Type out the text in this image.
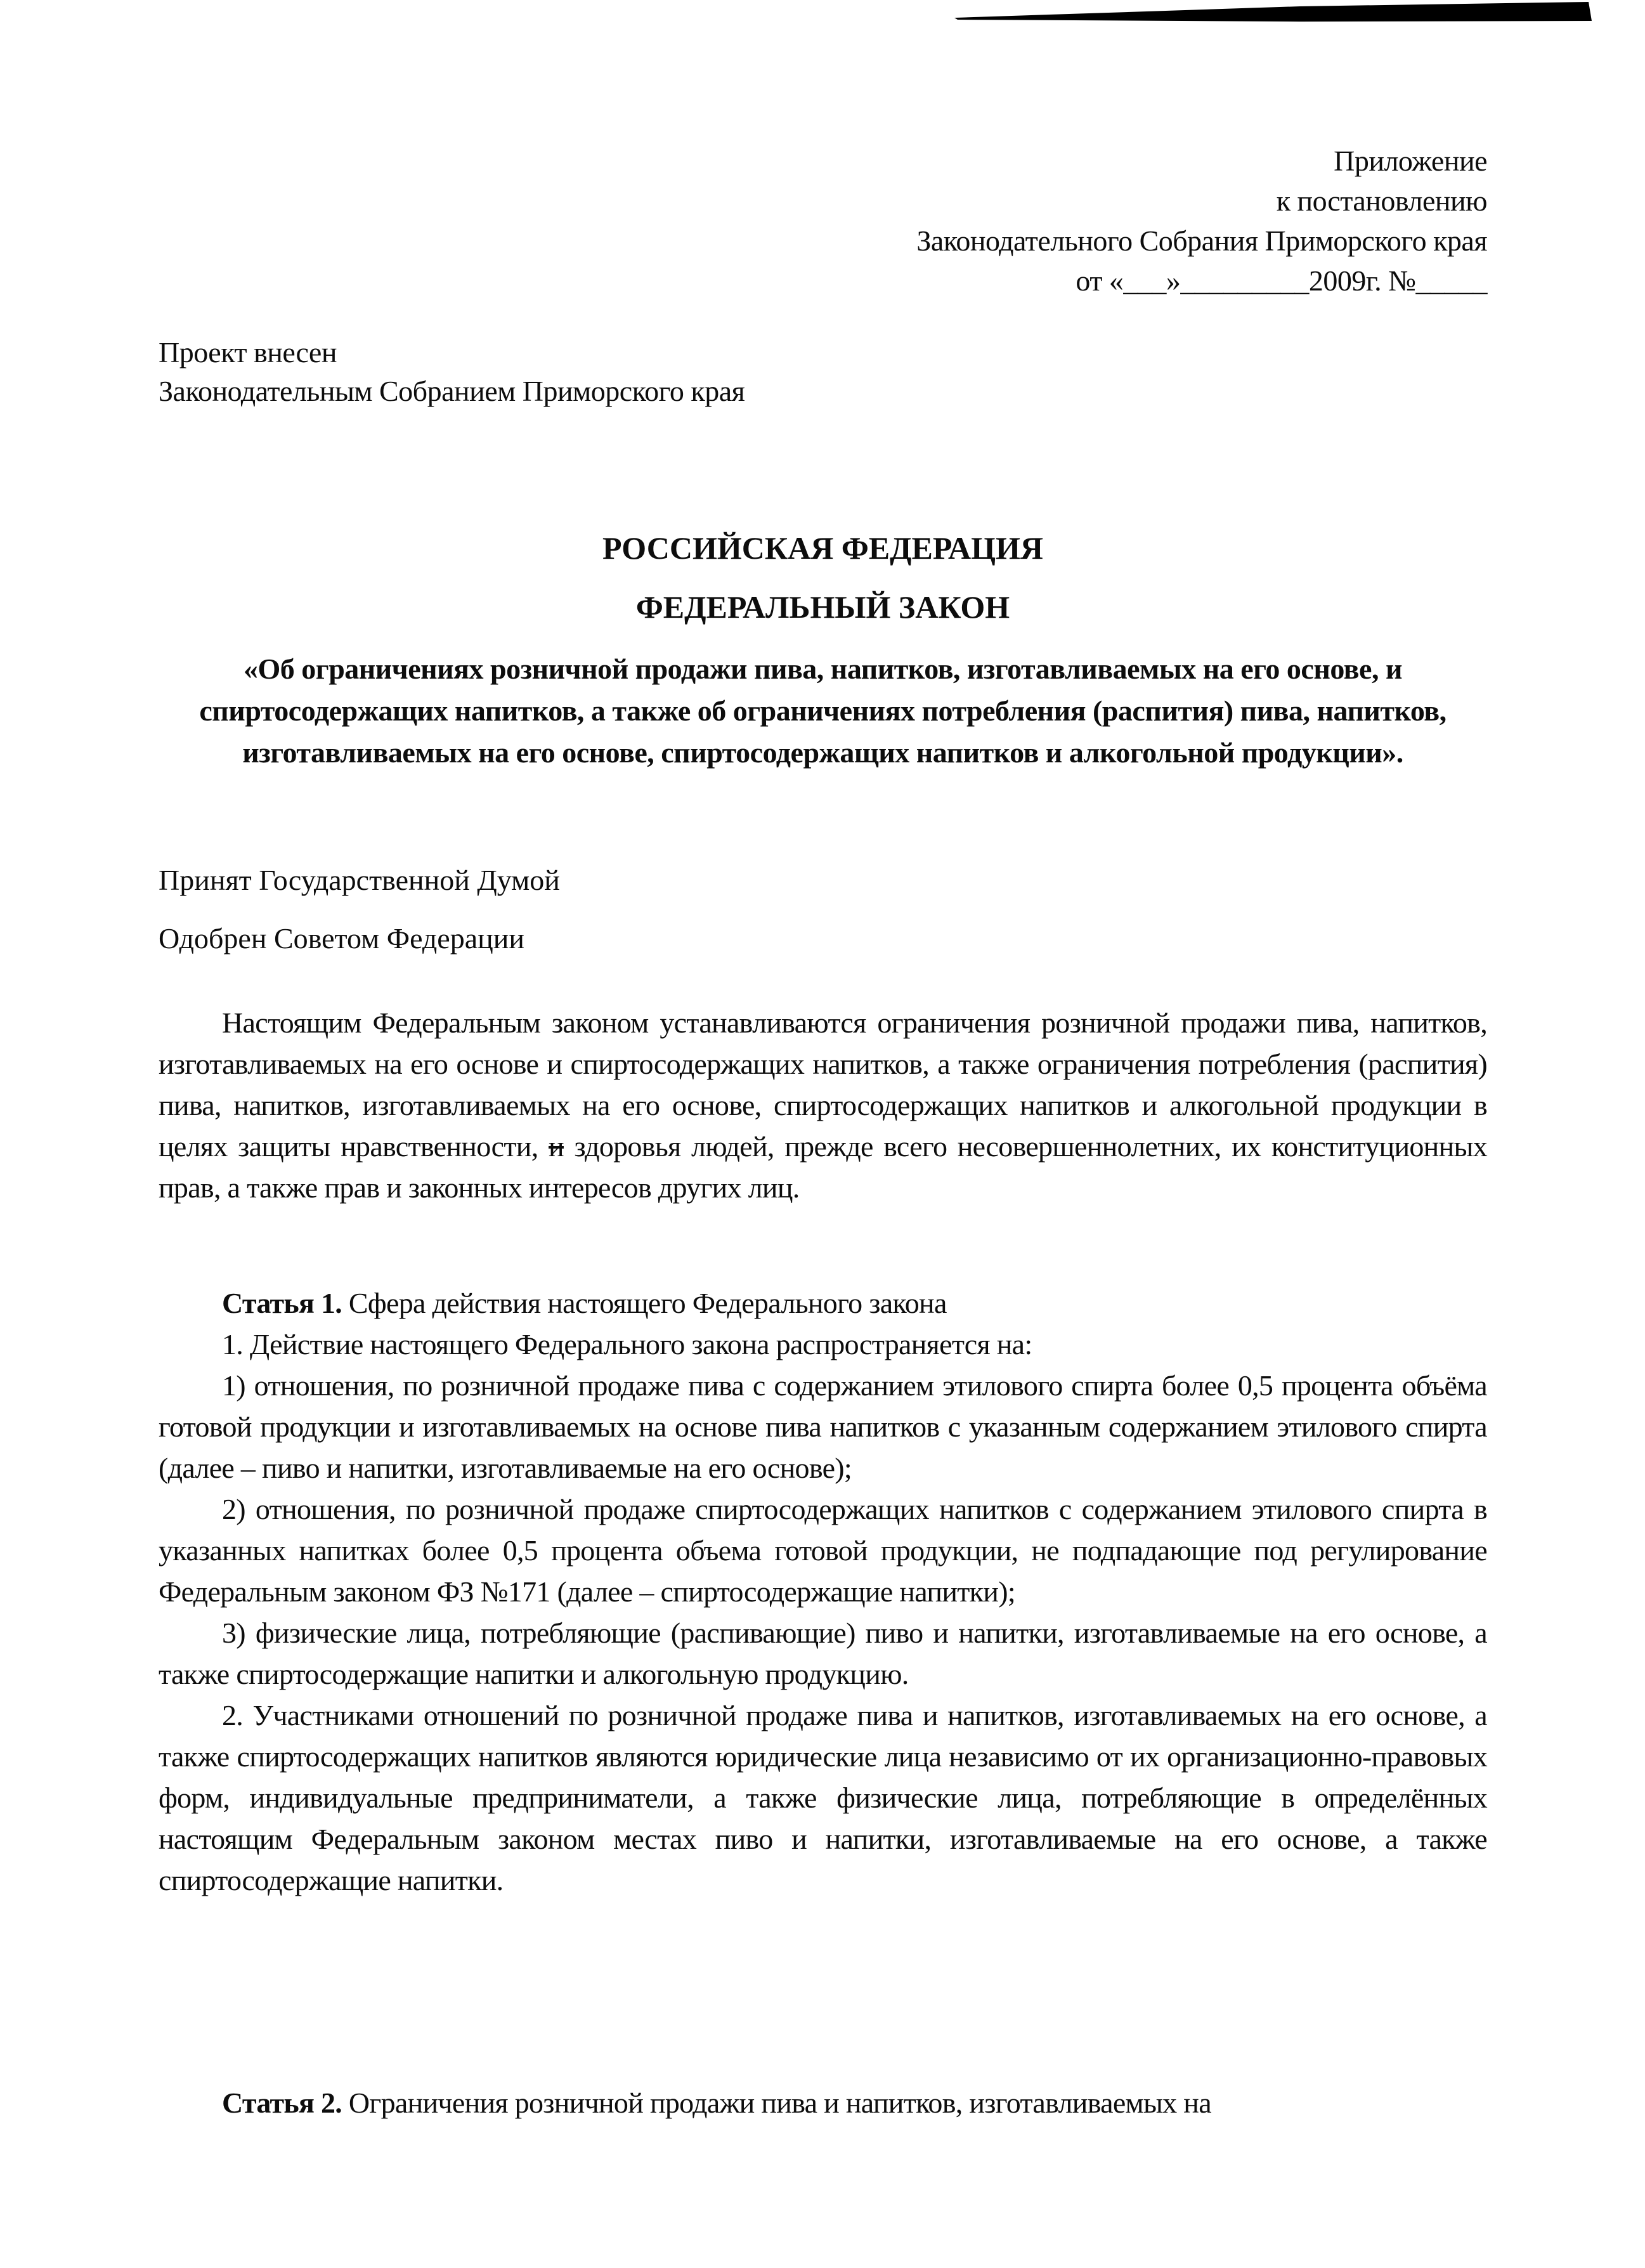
Приложение
к постановлению
Законодательного Собрания Приморского края
от «___»_________2009г. №_____
Проект внесен
Законодательным Собранием Приморского края
РОССИЙСКАЯ ФЕДЕРАЦИЯ
ФЕДЕРАЛЬНЫЙ ЗАКОН
«Об ограничениях розничной продажи пива, напитков, изготавливаемых на его основе, и спиртосодержащих напитков, а также об ограничениях потребления (распития) пива, напитков, изготавливаемых на его основе, спиртосодержащих напитков и алкогольной продукции».
Принят Государственной Думой
Одобрен Советом Федерации

Настоящим Федеральным законом устанавливаются ограничения розничной продажи пива, напитков, изготавливаемых на его основе и спиртосодержащих напитков, а также ограничения потребления (распития) пива, напитков, изготавливаемых на его основе, спиртосодержащих напитков и алкогольной продукции в целях защиты нравственности, и здоровья людей, прежде всего несовершеннолетних, их конституционных прав, а также прав и законных интересов других лиц.

Статья 1. Сфера действия настоящего Федерального закона

1. Действие настоящего Федерального закона распространяется на:

1) отношения, по розничной продаже пива с содержанием этилового спирта более 0,5 процента объёма готовой продукции и изготавливаемых на основе пива напитков с указанным содержанием этилового спирта (далее – пиво и напитки, изготавливаемые на его основе);

2) отношения, по розничной продаже спиртосодержащих напитков с содержанием этилового спирта в указанных напитках более 0,5 процента объема готовой продукции, не подпадающие под регулирование Федеральным законом ФЗ №171 (далее – спиртосодержащие напитки);

3) физические лица, потребляющие (распивающие) пиво и напитки, изготавливаемые на его основе, а также спиртосодержащие напитки и алкогольную продукцию.

2. Участниками отношений по розничной продаже пива и напитков, изготавливаемых на его основе, а также спиртосодержащих напитков являются юридические лица независимо от их организационно-правовых форм, индивидуальные предприниматели, а также физические лица, потребляющие в определённых настоящим Федеральным законом местах пиво и напитки, изготавливаемые на его основе, а также спиртосодержащие напитки.

Статья 2. Ограничения розничной продажи пива и напитков, изготавливаемых на
